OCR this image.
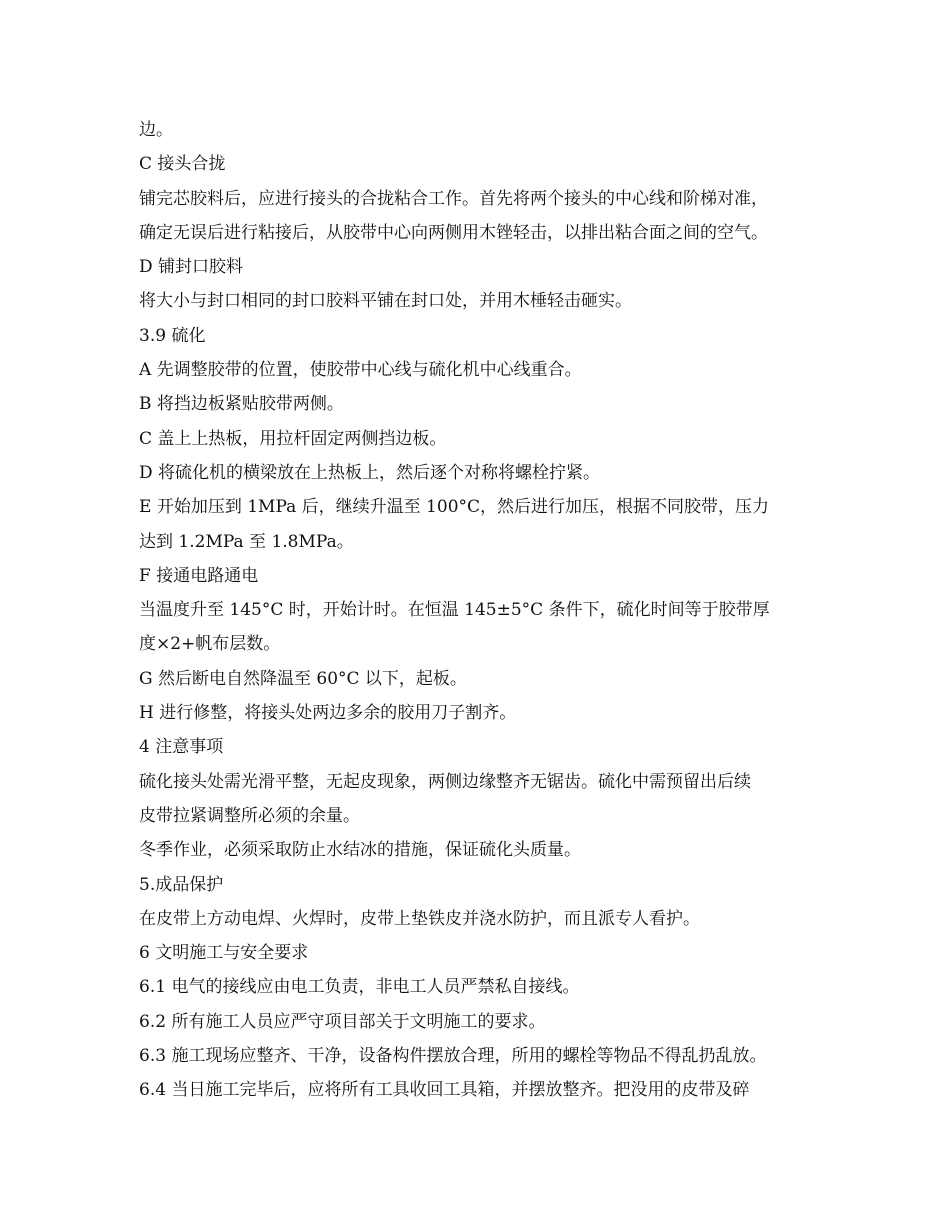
边。
C 接头合拢
铺完芯胶料后，应进行接头的合拢粘合工作。首先将两个接头的中心线和阶梯对准，
确定无误后进行粘接后，从胶带中心向两侧用木锉轻击，以排出粘合面之间的空气。
D 铺封口胶料
将大小与封口相同的封口胶料平铺在封口处，并用木棰轻击砸实。
3.9 硫化
A 先调整胶带的位置，使胶带中心线与硫化机中心线重合。
B 将挡边板紧贴胶带两侧。
C 盖上上热板，用拉杆固定两侧挡边板。
D 将硫化机的横梁放在上热板上，然后逐个对称将螺栓拧紧。
E 开始加压到 1MPa 后，继续升温至 100°C，然后进行加压，根据不同胶带，压力
达到 1.2MPa 至 1.8MPa。
F 接通电路通电
当温度升至 145°C 时，开始计时。在恒温 145±5°C 条件下，硫化时间等于胶带厚
度×2+帆布层数。
G 然后断电自然降温至 60°C 以下，起板。
H 进行修整，将接头处两边多余的胶用刀子割齐。
4 注意事项
硫化接头处需光滑平整，无起皮现象，两侧边缘整齐无锯齿。硫化中需预留出后续
皮带拉紧调整所必须的余量。
冬季作业，必须采取防止水结冰的措施，保证硫化头质量。
5.成品保护
在皮带上方动电焊、火焊时，皮带上垫铁皮并浇水防护，而且派专人看护。
6 文明施工与安全要求
6.1 电气的接线应由电工负责，非电工人员严禁私自接线。
6.2 所有施工人员应严守项目部关于文明施工的要求。
6.3 施工现场应整齐、干净，设备构件摆放合理，所用的螺栓等物品不得乱扔乱放。
6.4 当日施工完毕后，应将所有工具收回工具箱，并摆放整齐。把没用的皮带及碎
